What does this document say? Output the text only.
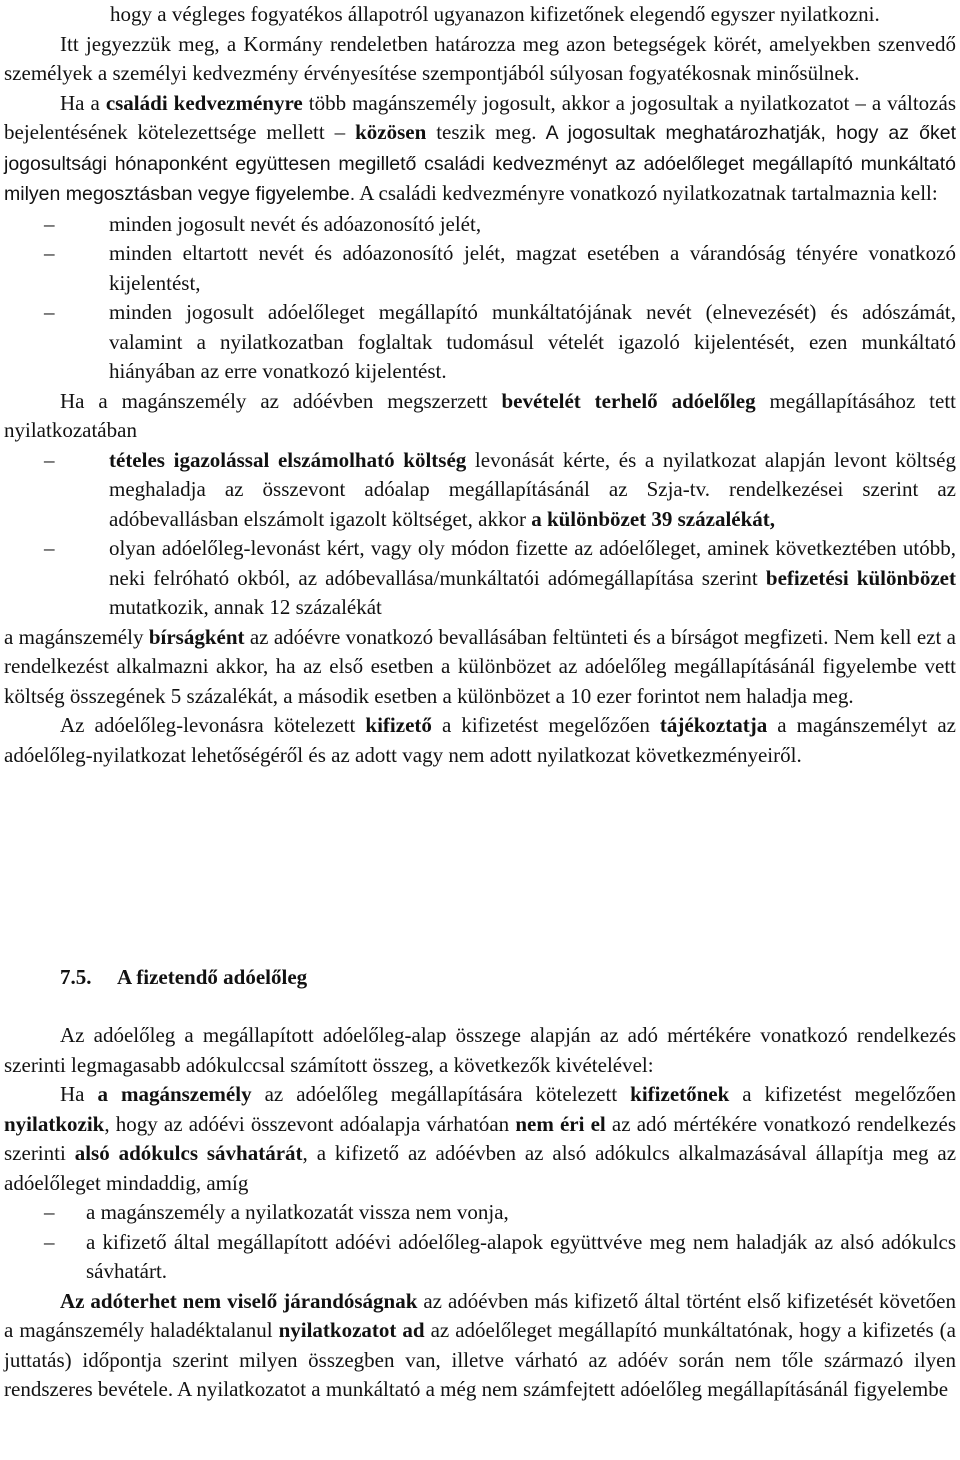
hogy a végleges fogyatékos állapotról ugyanazon kifizetőnek elegendő egyszer nyilatkozni.

Itt jegyezzük meg, a Kormány rendeletben határozza meg azon betegségek körét, amelyekben szenvedő személyek a személyi kedvezmény érvényesítése szempontjából súlyosan fogyatékosnak minősülnek.

Ha a családi kedvezményre több magánszemély jogosult, akkor a jogosultak a nyilatkozatot – a változás bejelentésének kötelezettsége mellett – közösen teszik meg. A jogosultak meghatározhatják, hogy az őket jogosultsági hónaponként együttesen megillető családi kedvezményt az adóelőleget megállapító munkáltató milyen megosztásban vegye figyelembe. A családi kedvezményre vonatkozó nyilatkozatnak tartalmaznia kell:

–	minden jogosult nevét és adóazonosító jelét,
–	minden eltartott nevét és adóazonosító jelét, magzat esetében a várandóság tényére vonatkozó kijelentést,
–	minden jogosult adóelőleget megállapító munkáltatójának nevét (elnevezését) és adószámát, valamint a nyilatkozatban foglaltak tudomásul vételét igazoló kijelentését, ezen munkáltató hiányában az erre vonatkozó kijelentést.

Ha a magánszemély az adóévben megszerzett bevételét terhelő adóelőleg megállapításához tett nyilatkozatában

–	tételes igazolással elszámolható költség levonását kérte, és a nyilatkozat alapján levont költség meghaladja az összevont adóalap megállapításánál az Szja-tv. rendelkezései szerint az adóbevallásban elszámolt igazolt költséget, akkor a különbözet 39 százalékát,
–	olyan adóelőleg-levonást kért, vagy oly módon fizette az adóelőleget, aminek következtében utóbb, neki felróható okból, az adóbevallása/munkáltatói adómegállapítása szerint befizetési különbözet mutatkozik, annak 12 százalékát

a magánszemély bírságként az adóévre vonatkozó bevallásában feltünteti és a bírságot megfizeti. Nem kell ezt a rendelkezést alkalmazni akkor, ha az első esetben a különbözet az adóelőleg megállapításánál figyelembe vett költség összegének 5 százalékát, a második esetben a különbözet a 10 ezer forintot nem haladja meg.

Az adóelőleg-levonásra kötelezett kifizető a kifizetést megelőzően tájékoztatja a magánszemélyt az adóelőleg-nyilatkozat lehetőségéről és az adott vagy nem adott nyilatkozat következményeiről.

7.5. A fizetendő adóelőleg

Az adóelőleg a megállapított adóelőleg-alap összege alapján az adó mértékére vonatkozó rendelkezés szerinti legmagasabb adókulccsal számított összeg, a következők kivételével:

Ha a magánszemély az adóelőleg megállapítására kötelezett kifizetőnek a kifizetést megelőzően nyilatkozik, hogy az adóévi összevont adóalapja várhatóan nem éri el az adó mértékére vonatkozó rendelkezés szerinti alsó adókulcs sávhatárát, a kifizető az adóévben az alsó adókulcs alkalmazásával állapítja meg az adóelőleget mindaddig, amíg

– a magánszemély a nyilatkozatát vissza nem vonja,
– a kifizető által megállapított adóévi adóelőleg-alapok együttvéve meg nem haladják az alsó adókulcs sávhatárt.

Az adóterhet nem viselő járandóságnak az adóévben más kifizető által történt első kifizetését követően a magánszemély haladéktalanul nyilatkozatot ad az adóelőleget megállapító munkáltatónak, hogy a kifizetés (a juttatás) időpontja szerint milyen összegben van, illetve várható az adóév során nem tőle származó ilyen rendszeres bevétele. A nyilatkozatot a munkáltató a még nem számfejtett adóelőleg megállapításánál figyelembe
